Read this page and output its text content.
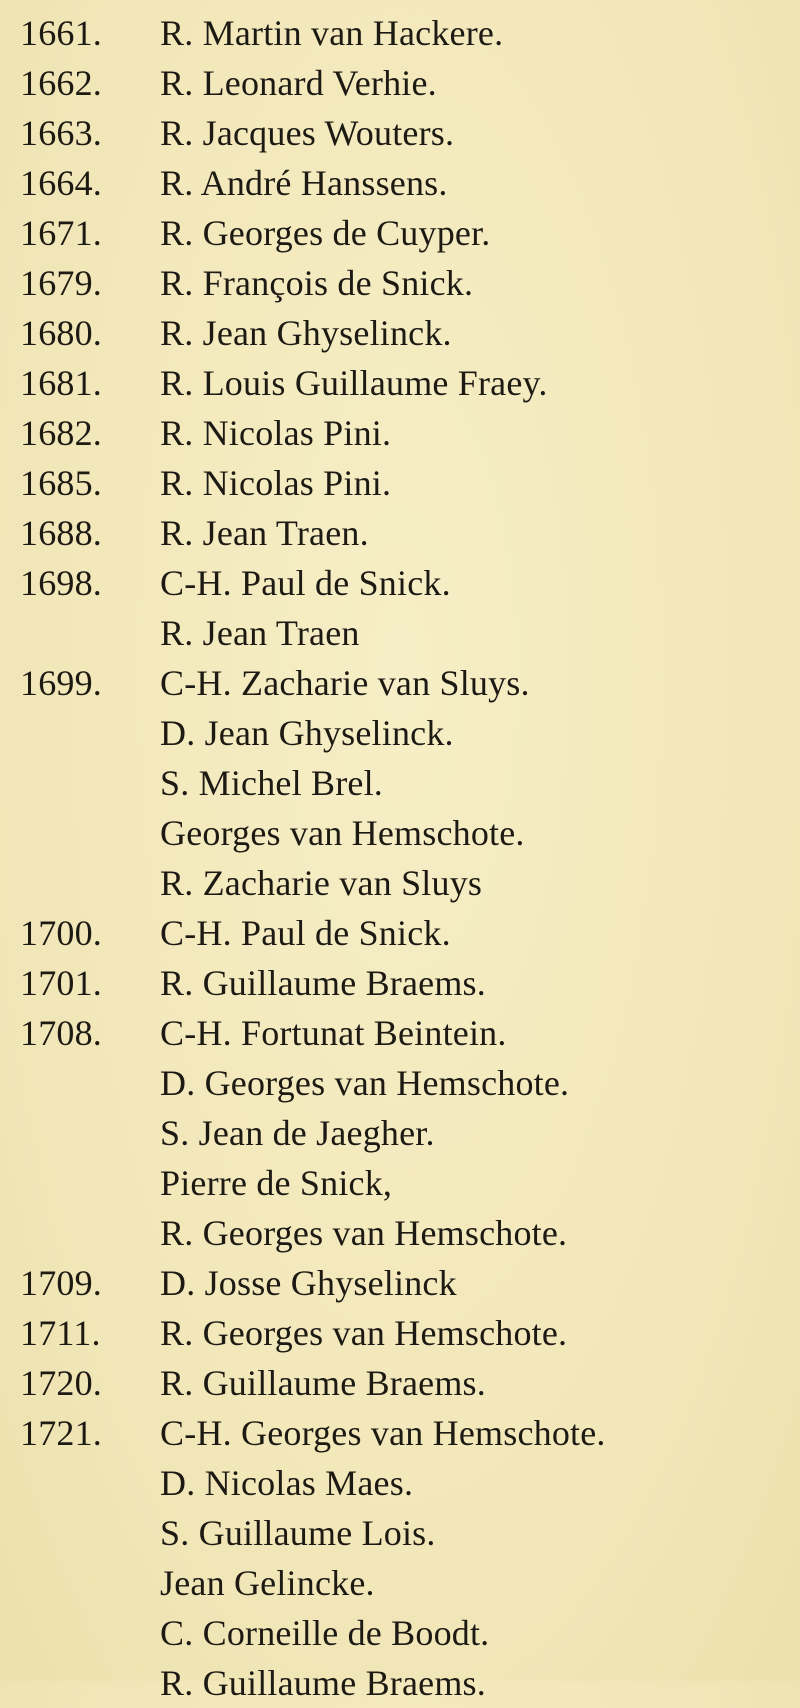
1661.	R. Martin van Hackere.
1662.	R. Leonard Verhie.
1663.	R. Jacques Wouters.
1664.	R. André Hanssens.
1671.	R. Georges de Cuyper.
1679.	R. François de Snick.
1680.	R. Jean Ghyselinck.
1681.	R. Louis Guillaume Fraey.
1682.	R. Nicolas Pini.
1685.	R. Nicolas Pini.
1688.	R. Jean Traen.
1698.	C-H. Paul de Snick.
R. Jean Traen
1699.	C-H. Zacharie van Sluys.
D. Jean Ghyselinck.
S. Michel Brel.
Georges van Hemschote.
R. Zacharie van Sluys
1700.	C-H. Paul de Snick.
1701.	R. Guillaume Braems.
1708.	C-H. Fortunat Beintein.
D. Georges van Hemschote.
S. Jean de Jaegher.
Pierre de Snick,
R. Georges van Hemschote.
1709.	D. Josse Ghyselinck
1711.	R. Georges van Hemschote.
1720.	R. Guillaume Braems.
1721.	C-H. Georges van Hemschote.
D. Nicolas Maes.
S. Guillaume Lois.
Jean Gelincke.
C. Corneille de Boodt.
R. Guillaume Braems.
